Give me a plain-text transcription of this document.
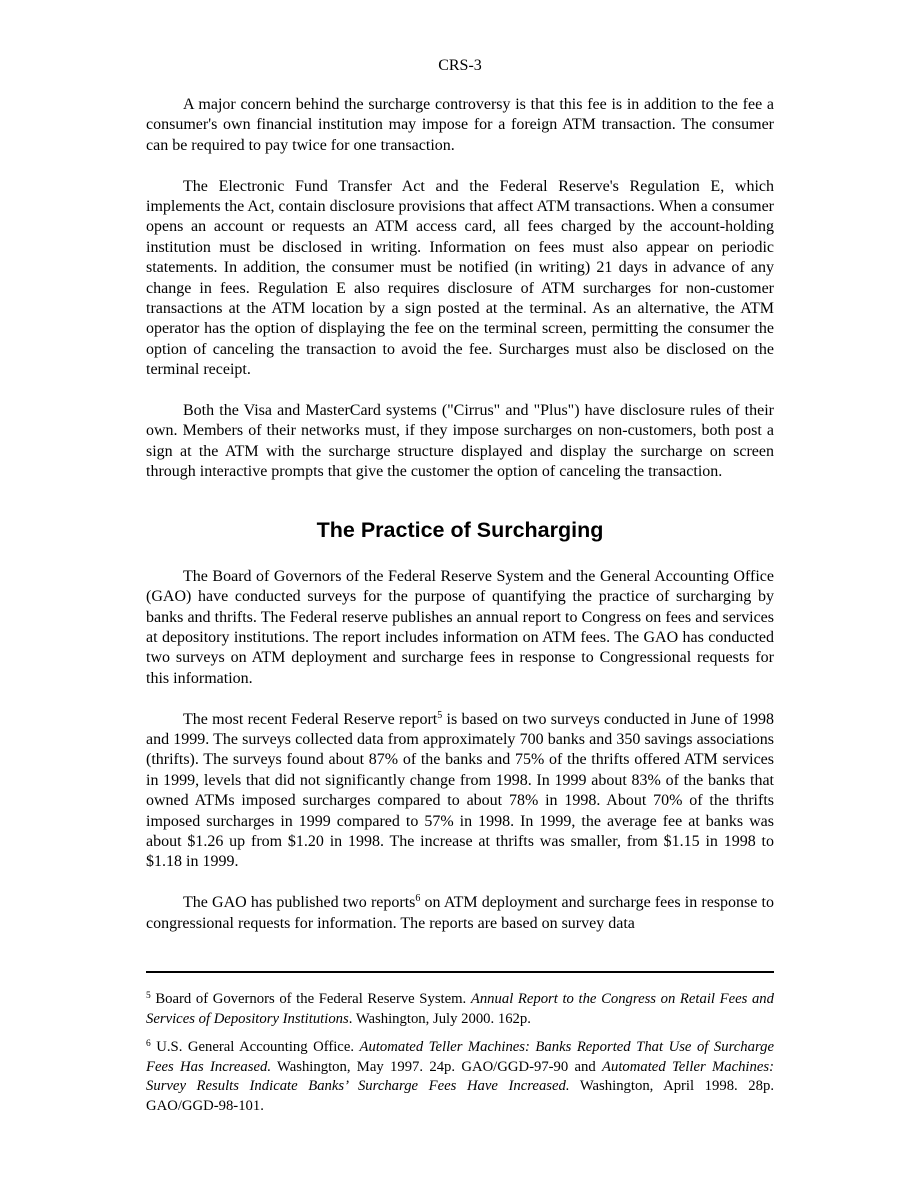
CRS-3

A major concern behind the surcharge controversy is that this fee is in addition to the fee a consumer's own financial institution may impose for a foreign ATM transaction. The consumer can be required to pay twice for one transaction.

The Electronic Fund Transfer Act and the Federal Reserve's Regulation E, which implements the Act, contain disclosure provisions that affect ATM transactions. When a consumer opens an account or requests an ATM access card, all fees charged by the account-holding institution must be disclosed in writing. Information on fees must also appear on periodic statements. In addition, the consumer must be notified (in writing) 21 days in advance of any change in fees. Regulation E also requires disclosure of ATM surcharges for non-customer transactions at the ATM location by a sign posted at the terminal. As an alternative, the ATM operator has the option of displaying the fee on the terminal screen, permitting the consumer the option of canceling the transaction to avoid the fee. Surcharges must also be disclosed on the terminal receipt.

Both the Visa and MasterCard systems ("Cirrus" and "Plus") have disclosure rules of their own. Members of their networks must, if they impose surcharges on non-customers, both post a sign at the ATM with the surcharge structure displayed and display the surcharge on screen through interactive prompts that give the customer the option of canceling the transaction.

The Practice of Surcharging

The Board of Governors of the Federal Reserve System and the General Accounting Office (GAO) have conducted surveys for the purpose of quantifying the practice of surcharging by banks and thrifts. The Federal reserve publishes an annual report to Congress on fees and services at depository institutions. The report includes information on ATM fees. The GAO has conducted two surveys on ATM deployment and surcharge fees in response to Congressional requests for this information.

The most recent Federal Reserve report$^5$ is based on two surveys conducted in June of 1998 and 1999. The surveys collected data from approximately 700 banks and 350 savings associations (thrifts). The surveys found about 87% of the banks and 75% of the thrifts offered ATM services in 1999, levels that did not significantly change from 1998. In 1999 about 83% of the banks that owned ATMs imposed surcharges compared to about 78% in 1998. About 70% of the thrifts imposed surcharges in 1999 compared to 57% in 1998. In 1999, the average fee at banks was about $1.26 up from $1.20 in 1998. The increase at thrifts was smaller, from $1.15 in 1998 to $1.18 in 1999.

The GAO has published two reports$^6$ on ATM deployment and surcharge fees in response to congressional requests for information. The reports are based on survey data

$^5$ Board of Governors of the Federal Reserve System. Annual Report to the Congress on Retail Fees and Services of Depository Institutions. Washington, July 2000. 162p.

$^6$ U.S. General Accounting Office. Automated Teller Machines: Banks Reported That Use of Surcharge Fees Has Increased. Washington, May 1997. 24p. GAO/GGD-97-90 and Automated Teller Machines: Survey Results Indicate Banks’ Surcharge Fees Have Increased. Washington, April 1998. 28p. GAO/GGD-98-101.
